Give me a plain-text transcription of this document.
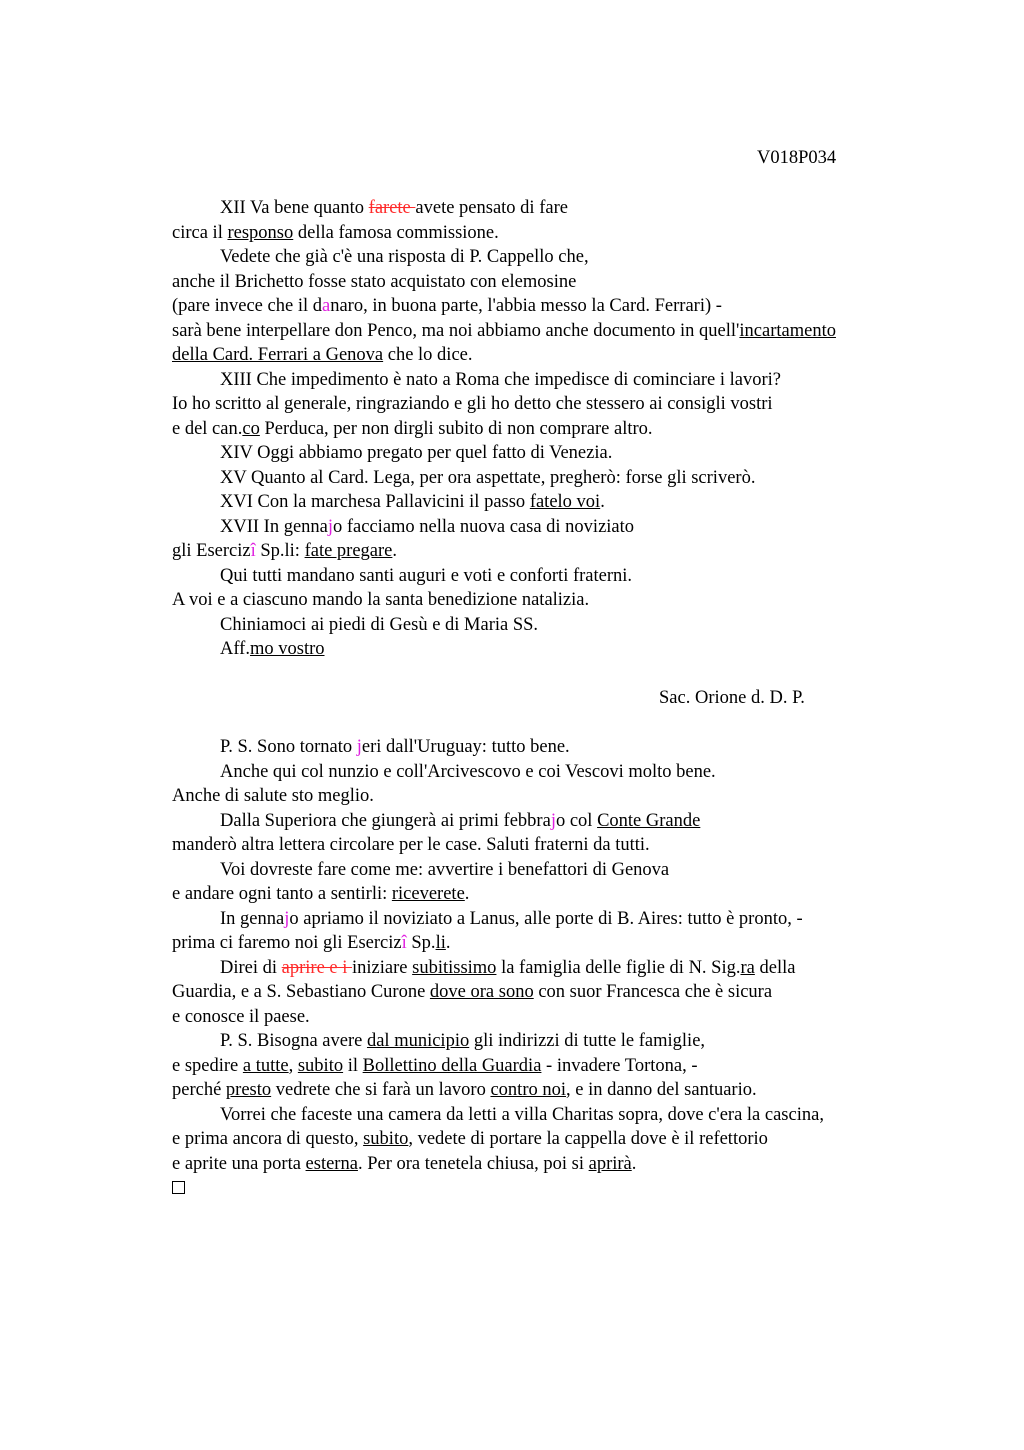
V018P034
XII Va bene quanto farete avete pensato di fare
circa il responso della famosa commissione.
Vedete che già c'è una risposta di P. Cappello che,
anche il Brichetto fosse stato acquistato con elemosine
(pare invece che il danaro, in buona parte, l'abbia messo la Card. Ferrari) -
sarà bene interpellare don Penco, ma noi abbiamo anche documento in quell'incartamento
della Card. Ferrari a Genova che lo dice.
XIII Che impedimento è nato a Roma che impedisce di cominciare i lavori?
Io ho scritto al generale, ringraziando e gli ho detto che stessero ai consigli vostri
e del can.co Perduca, per non dirgli subito di non comprare altro.
XIV Oggi abbiamo pregato per quel fatto di Venezia.
XV Quanto al Card. Lega, per ora aspettate, pregherò: forse gli scriverò.
XVI Con la marchesa Pallavicini il passo fatelo voi.
XVII In gennajo facciamo nella nuova casa di noviziato
gli Esercizî Sp.li: fate pregare.
Qui tutti mandano santi auguri e voti e conforti fraterni.
A voi e a ciascuno mando la santa benedizione natalizia.
Chiniamoci ai piedi di Gesù e di Maria SS.
Aff.mo vostro
Sac. Orione d. D. P.
P. S. Sono tornato jeri dall'Uruguay: tutto bene.
Anche qui col nunzio e coll'Arcivescovo e coi Vescovi molto bene.
Anche di salute sto meglio.
Dalla Superiora che giungerà ai primi febbrajo col Conte Grande
manderò altra lettera circolare per le case. Saluti fraterni da tutti.
Voi dovreste fare come me: avvertire i benefattori di Genova
e andare ogni tanto a sentirli: riceverete.
In gennajo apriamo il noviziato a Lanus, alle porte di B. Aires: tutto è pronto, -
prima ci faremo noi gli Esercizî Sp.li.
Direi di aprire e i iniziare subitissimo la famiglia delle figlie di N. Sig.ra della
Guardia, e a S. Sebastiano Curone dove ora sono con suor Francesca che è sicura
e conosce il paese.
P. S. Bisogna avere dal municipio gli indirizzi di tutte le famiglie,
e spedire a tutte, subito il Bollettino della Guardia - invadere Tortona, -
perché presto vedrete che si farà un lavoro contro noi, e in danno del santuario.
Vorrei che faceste una camera da letti a villa Charitas sopra, dove c'era la cascina,
e prima ancora di questo, subito, vedete di portare la cappella dove è il refettorio
e aprite una porta esterna. Per ora tenetela chiusa, poi si aprirà.
